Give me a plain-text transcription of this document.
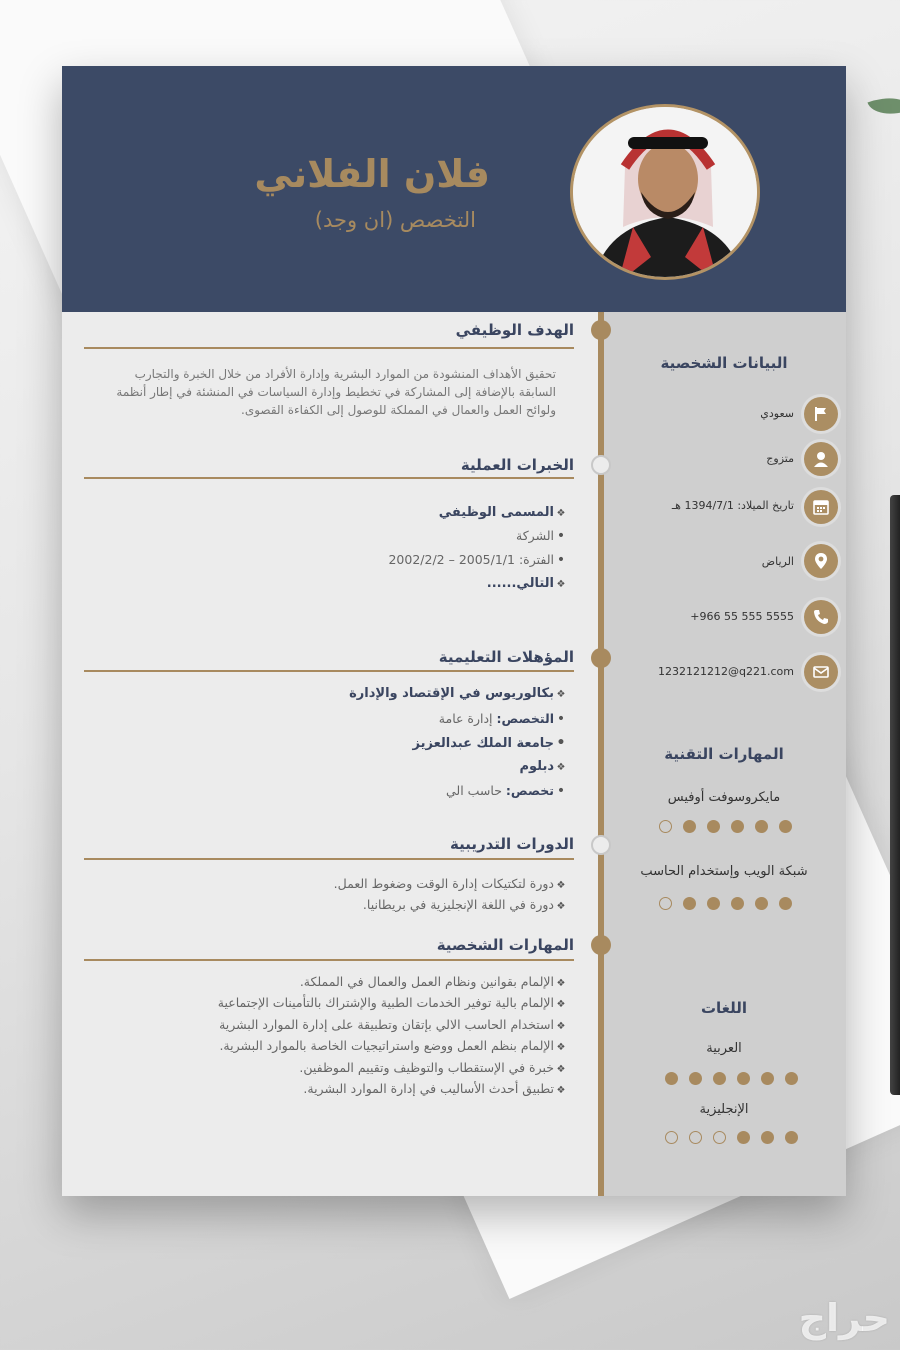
فلان الفلاني
التخصص (ان وجد)
الهدف الوظيفي
تحقيق الأهداف المنشودة من الموارد البشرية وإدارة الأفراد من خلال الخبرة والتجارب السابقة بالإضافة إلى المشاركة في تخطيط وإدارة السياسات في المنشئة في إطار أنظمة ولوائح العمل والعمال في المملكة للوصول إلى الكفاءة القصوى.
الخبرات العملية
❖المسمى الوظيفي
•الشركة
•الفترة: 2002/2/2 – 2005/1/1
❖التالي......
المؤهلات التعليمية
❖بكالوريوس في الإقتصاد والإدارة
•التخصص: إدارة عامة
•جامعة الملك عبدالعزيز
❖دبلوم
•تخصص: حاسب الي
الدورات التدريبية
❖دورة لتكتيكات إدارة الوقت وضغوط العمل.
❖دورة في اللغة الإنجليزية في بريطانيا.
المهارات الشخصية
❖الإلمام بقوانين ونظام العمل والعمال في المملكة.
❖الإلمام بالية توفير الخدمات الطبية والإشتراك بالتأمينات الإجتماعية
❖استخدام الحاسب الالي بإتقان وتطبيقة على إدارة الموارد البشرية
❖الإلمام بنظم العمل ووضع واستراتيجيات الخاصة بالموارد البشرية.
❖خبرة في الإستقطاب والتوظيف وتقييم الموظفين.
❖تطبيق أحدث الأساليب في إدارة الموارد البشرية.
البيانات الشخصية
سعودي
متزوج
تاريخ الميلاد: 1394/7/1 هـ
الرياض
+966 55 555 5555
1232121212@q221.com
المهارات التقنية
مايكروسوفت أوفيس
شبكة الويب وإستخدام الحاسب
اللغات
العربية
الإنجليزية
حراج
